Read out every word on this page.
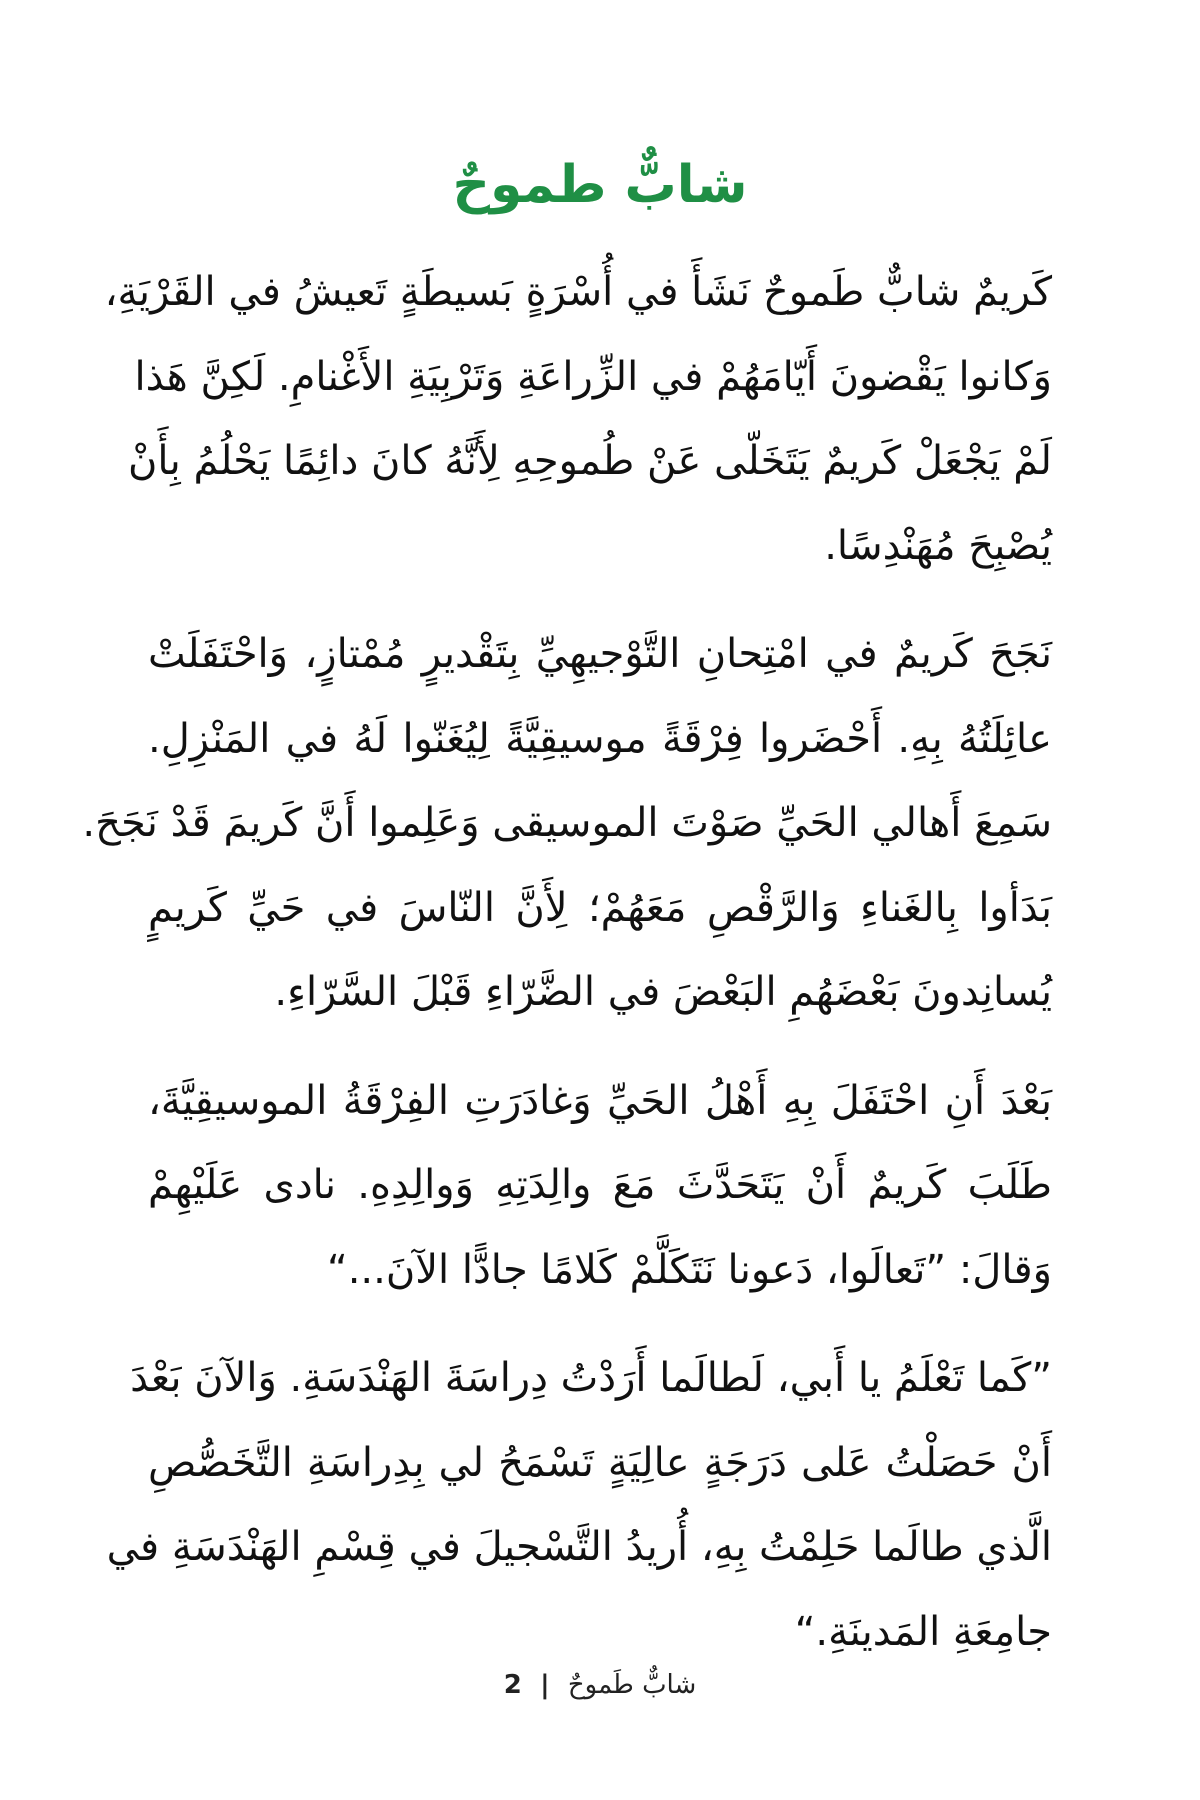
شابٌّ طموحٌ

كَريمٌ شابٌّ طَموحٌ نَشَأَ في أُسْرَةٍ بَسيطَةٍ تَعيشُ في القَرْيَةِ،
وَكانوا يَقْضونَ أَيّامَهُمْ في الزِّراعَةِ وَتَرْبِيَةِ الأَغْنامِ. لَكِنَّ هَذا
لَمْ يَجْعَلْ كَريمٌ يَتَخَلّى عَنْ طُموحِهِ لِأَنَّهُ كانَ دائِمًا يَحْلُمُ بِأَنْ
يُصْبِحَ مُهَنْدِسًا.

نَجَحَ كَريمٌ في امْتِحانِ التَّوْجيهِيِّ بِتَقْديرٍ مُمْتازٍ، وَاحْتَفَلَتْ
عائِلَتُهُ بِهِ. أَحْضَروا فِرْقَةً موسيقِيَّةً لِيُغَنّوا لَهُ في المَنْزِلِ.
سَمِعَ أَهالي الحَيِّ صَوْتَ الموسيقى وَعَلِموا أَنَّ كَريمَ قَدْ نَجَحَ.
بَدَأوا بِالغَناءِ وَالرَّقْصِ مَعَهُمْ؛ لِأَنَّ النّاسَ في حَيِّ كَريمٍ
يُسانِدونَ بَعْضَهُمِ البَعْضَ في الضَّرّاءِ قَبْلَ السَّرّاءِ.

بَعْدَ أَنِ احْتَفَلَ بِهِ أَهْلُ الحَيِّ وَغادَرَتِ الفِرْقَةُ الموسيقِيَّةَ،
طَلَبَ كَريمٌ أَنْ يَتَحَدَّثَ مَعَ والِدَتِهِ وَوالِدِهِ. نادى عَلَيْهِمْ
وَقالَ: ”تَعالَوا، دَعونا نَتَكَلَّمْ كَلامًا جادًّا الآنَ...“

”كَما تَعْلَمُ يا أَبي، لَطالَما أَرَدْتُ دِراسَةَ الهَنْدَسَةِ. وَالآنَ بَعْدَ
أَنْ حَصَلْتُ عَلى دَرَجَةٍ عالِيَةٍ تَسْمَحُ لي بِدِراسَةِ التَّخَصُّصِ
الَّذي طالَما حَلِمْتُ بِهِ، أُريدُ التَّسْجيلَ في قِسْمِ الهَنْدَسَةِ في
جامِعَةِ المَدينَةِ.“

شابٌّ طَموحٌ | 2
